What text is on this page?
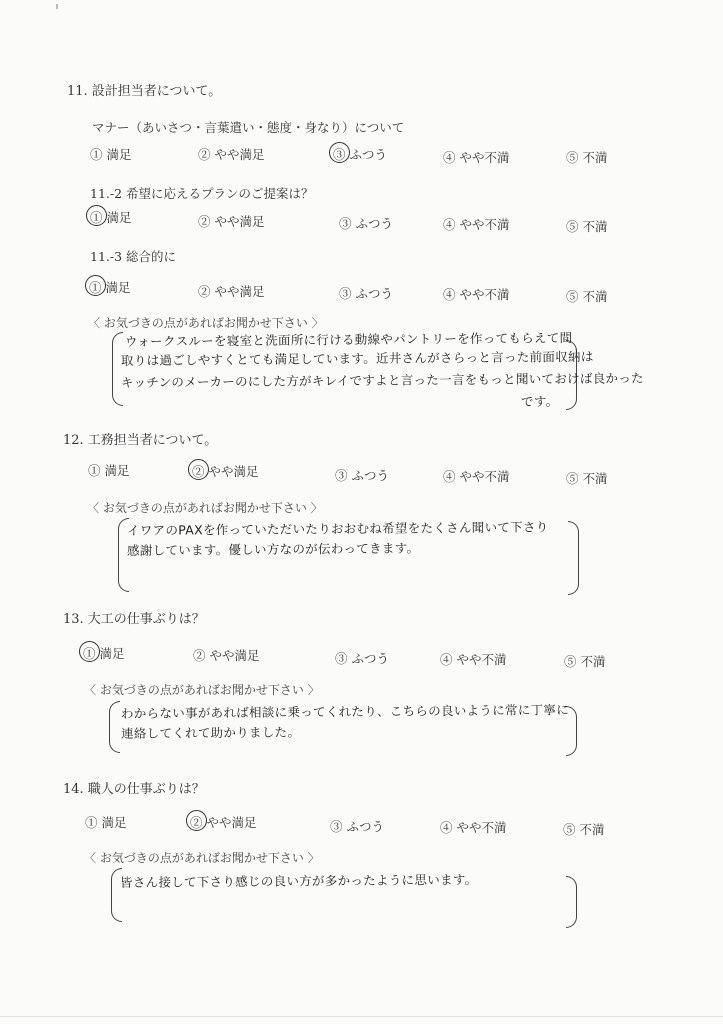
11. 設計担当者について。
マナー（あいさつ・言葉遣い・態度・身なり）について
① 満足	② やや満足	③ ふつう	④ やや不満	⑤ 不満
11.-2 希望に応えるプランのご提案は？
① 満足	② やや満足	③ ふつう	④ やや不満	⑤ 不満
11.-3 総合的に
① 満足	② やや満足	③ ふつう	④ やや不満	⑤ 不満
〈 お気づきの点があればお聞かせ下さい 〉
ウォークスルーを寝室と洗面所に行ける動線やパントリーを作ってもらえて間
取りは過ごしやすくとても満足しています。近井さんがさらっと言った前面収納は
キッチンのメーカーのにした方がキレイですよと言った一言をもっと聞いておけば良かった
です。
12. 工務担当者について。
① 満足	② やや満足	③ ふつう	④ やや不満	⑤ 不満
〈 お気づきの点があればお聞かせ下さい 〉
イワアのPAXを作っていただいたりおおむね希望をたくさん聞いて下さり
感謝しています。優しい方なのが伝わってきます。
13. 大工の仕事ぶりは？
① 満足	② やや満足	③ ふつう	④ やや不満	⑤ 不満
〈 お気づきの点があればお聞かせ下さい 〉
わからない事があれば相談に乗ってくれたり、こちらの良いように常に丁寧に
連絡してくれて助かりました。
14. 職人の仕事ぶりは？
① 満足	② やや満足	③ ふつう	④ やや不満	⑤ 不満
〈 お気づきの点があればお聞かせ下さい 〉
皆さん接して下さり感じの良い方が多かったように思います。
